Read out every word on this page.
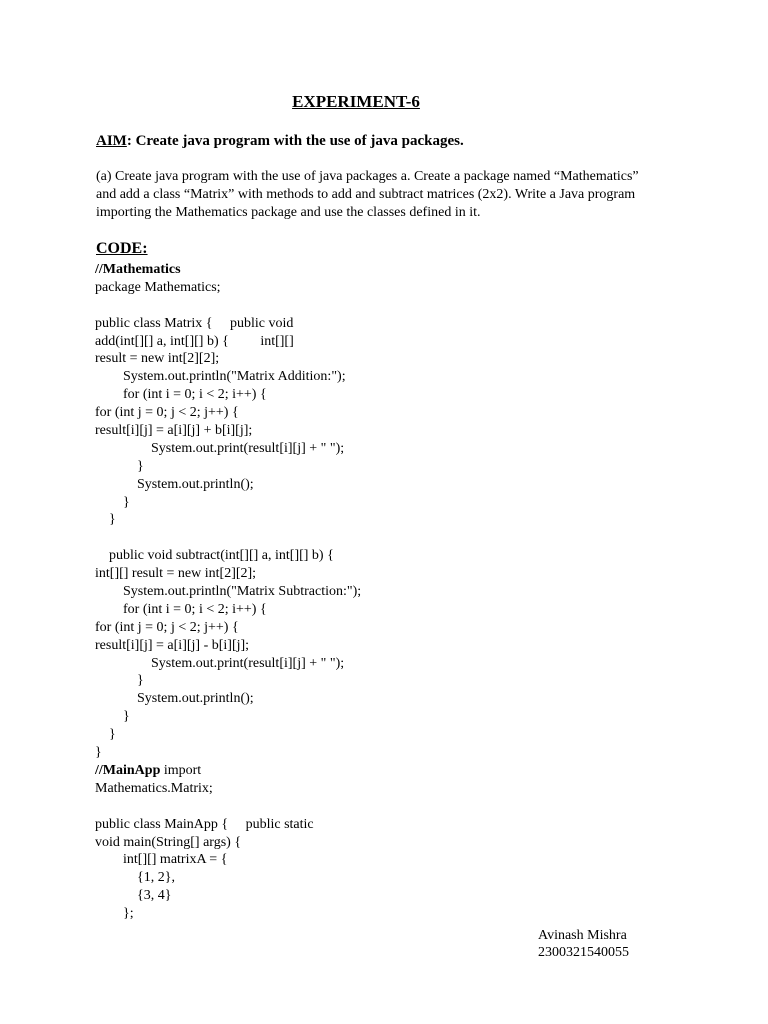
EXPERIMENT-6
AIM: Create java program with the use of java packages.
(a) Create java program with the use of java packages a. Create a package named “Mathematics”
and add a class “Matrix” with methods to add and subtract matrices (2x2). Write a Java program
importing the Mathematics package and use the classes defined in it.
CODE:
//Mathematics
package Mathematics;
public class Matrix {     public void
add(int[][] a, int[][] b) {         int[][]
result = new int[2][2];
System.out.println("Matrix Addition:");
for (int i = 0; i < 2; i++) {
for (int j = 0; j < 2; j++) {
result[i][j] = a[i][j] + b[i][j];
System.out.print(result[i][j] + " ");
}
System.out.println();
}
}
public void subtract(int[][] a, int[][] b) {
int[][] result = new int[2][2];
System.out.println("Matrix Subtraction:");
for (int i = 0; i < 2; i++) {
for (int j = 0; j < 2; j++) {
result[i][j] = a[i][j] - b[i][j];
System.out.print(result[i][j] + " ");
}
System.out.println();
}
}
}
//MainApp import
Mathematics.Matrix;
public class MainApp {     public static
void main(String[] args) {
int[][] matrixA = {
{1, 2},
{3, 4}
};
Avinash Mishra
2300321540055
